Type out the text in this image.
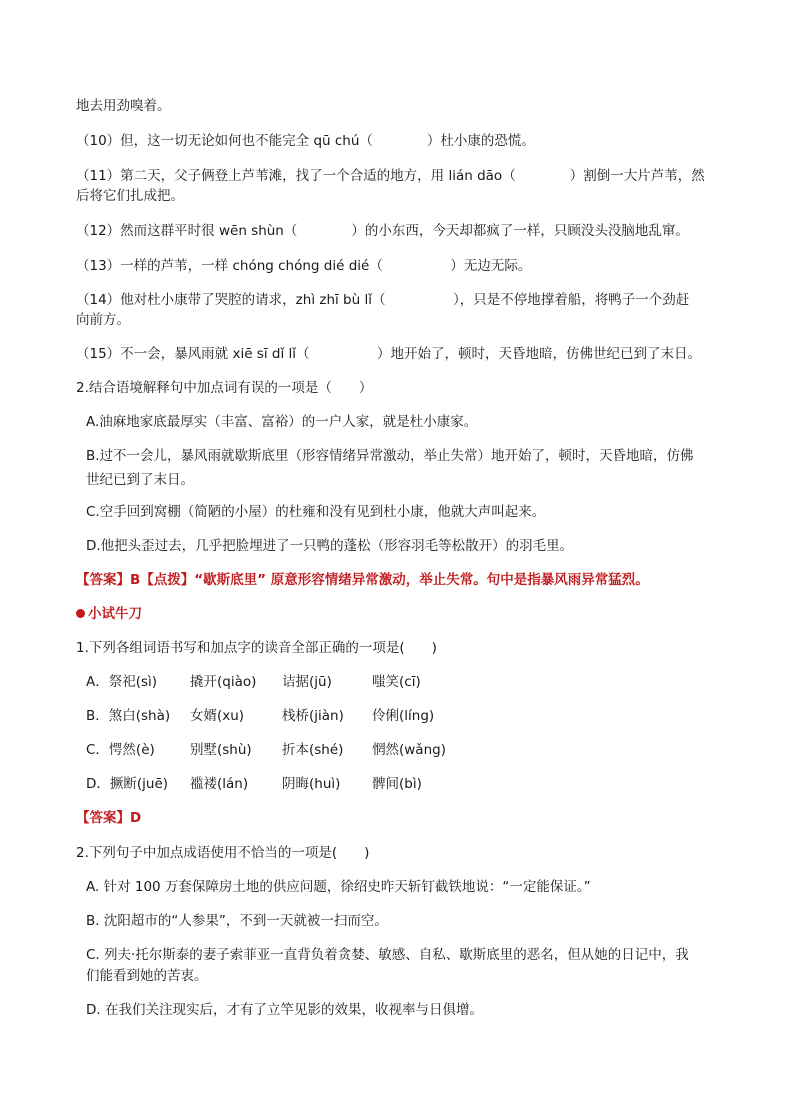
地去用劲嗅着。
（10）但，这一切无论如何也不能完全 qū chú（　　　　）杜小康的恐慌。
（11）第二天，父子俩登上芦苇滩，找了一个合适的地方，用 lián dāo（　　　　）割倒一大片芦苇，然
后将它们扎成把。
（12）然而这群平时很 wēn shùn（　　　　）的小东西，今天却都疯了一样，只顾没头没脑地乱窜。
（13）一样的芦苇，一样 chóng chóng dié dié（　　　　　）无边无际。
（14）他对杜小康带了哭腔的请求，zhì zhī bù lǐ（　　　　　），只是不停地撑着船，将鸭子一个劲赶
向前方。
（15）不一会，暴风雨就 xiē sī dǐ lǐ（　　　　　）地开始了，顿时，天昏地暗，仿佛世纪已到了末日。
2.结合语境解释句中加点词有误的一项是（　　）
A.油麻地家底最厚实（丰富、富裕）的一户人家，就是杜小康家。
B.过不一会儿，暴风雨就歇斯底里（形容情绪异常激动，举止失常）地开始了，顿时，天昏地暗，仿佛
世纪已到了末日。
C.空手回到窝棚（简陋的小屋）的杜雍和没有见到杜小康，他就大声叫起来。
D.他把头歪过去，几乎把脸埋进了一只鸭的蓬松（形容羽毛等松散开）的羽毛里。
【答案】B【点拨】“歇斯底里” 原意形容情绪异常激动，举止失常。句中是指暴风雨异常猛烈。
小试牛刀
1.下列各组词语书写和加点字的读音全部正确的一项是(　　)
A．祭祀(sì) 撬开(qiào) 诘据(jū)	嗤笑(cī)
B．煞白(shà) 女婿(xu)	栈桥(jiàn) 伶俐(líng)
C．愕然(è)	别墅(shù) 折本(shé) 惘然(wǎng)
D．撅断(juē) 褴褛(lán)	阴晦(huì) 髀间(bì)
【答案】D
2.下列句子中加点成语使用不恰当的一项是(　　)
A. 针对 100 万套保障房土地的供应问题，徐绍史昨天斩钉截铁地说：“一定能保证。”
B. 沈阳超市的“人参果”，不到一天就被一扫而空。
C. 列夫·托尔斯泰的妻子索菲亚一直背负着贪婪、敏感、自私、歇斯底里的恶名，但从她的日记中，我
们能看到她的苦衷。
D. 在我们关注现实后，才有了立竿见影的效果，收视率与日俱增。
